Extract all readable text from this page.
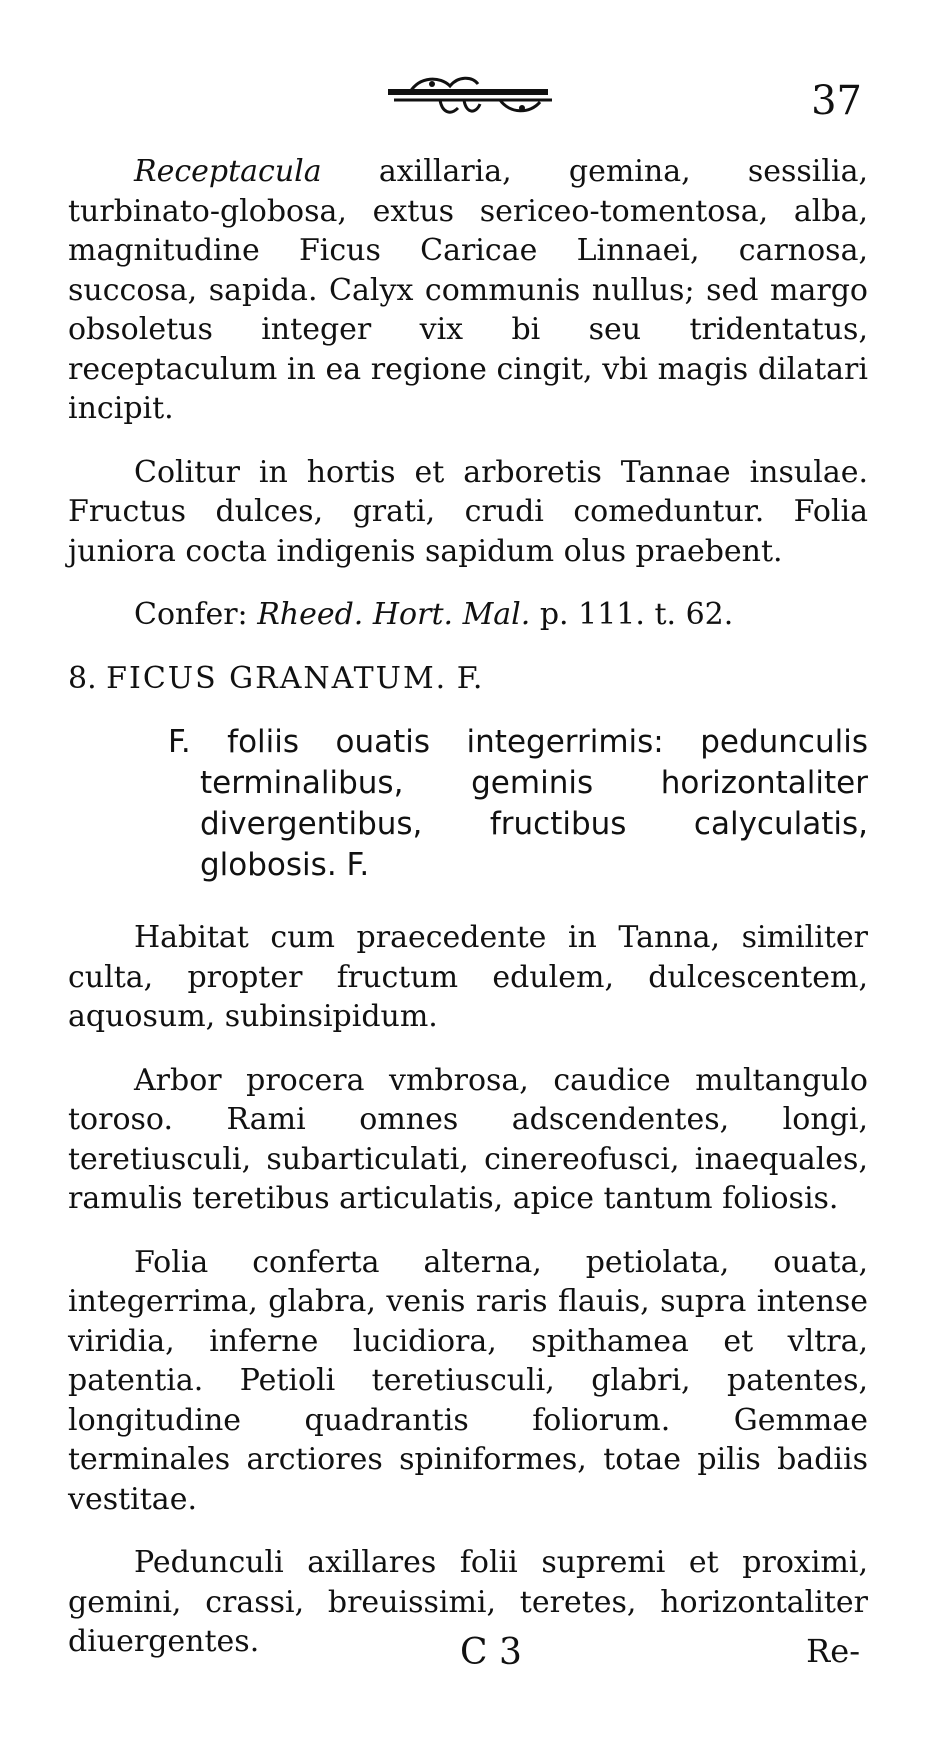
37

Receptacula axillaria, gemina, sessilia, turbinato-globosa, extus sericeo-tomentosa, alba, magnitudine Ficus Caricae Linnaei, carnosa, succosa, sapida. Calyx communis nullus; sed margo obsoletus integer vix bi seu tridentatus, receptaculum in ea regione cingit, vbi magis dilatari incipit.

Colitur in hortis et arboretis Tannae insulae. Fructus dulces, grati, crudi comeduntur. Folia juniora cocta indigenis sapidum olus praebent.

Confer: Rheed. Hort. Mal. p. 111. t. 62.

8. FICUS GRANATUM. F.

F. foliis ouatis integerrimis: pedunculis terminalibus, geminis horizontaliter divergentibus, fructibus calyculatis, globosis. F.

Habitat cum praecedente in Tanna, similiter culta, propter fructum edulem, dulcescentem, aquosum, subinsipidum.

Arbor procera vmbrosa, caudice multangulo toroso. Rami omnes adscendentes, longi, teretiusculi, subarticulati, cinereofusci, inaequales, ramulis teretibus articulatis, apice tantum foliosis.

Folia conferta alterna, petiolata, ouata, integerrima, glabra, venis raris flauis, supra intense viridia, inferne lucidiora, spithamea et vltra, patentia. Petioli teretiusculi, glabri, patentes, longitudine quadrantis foliorum. Gemmae terminales arctiores spiniformes, totae pilis badiis vestitae.

Pedunculi axillares folii supremi et proximi, gemini, crassi, breuissimi, teretes, horizontaliter diuergentes.	C 3	Re-
